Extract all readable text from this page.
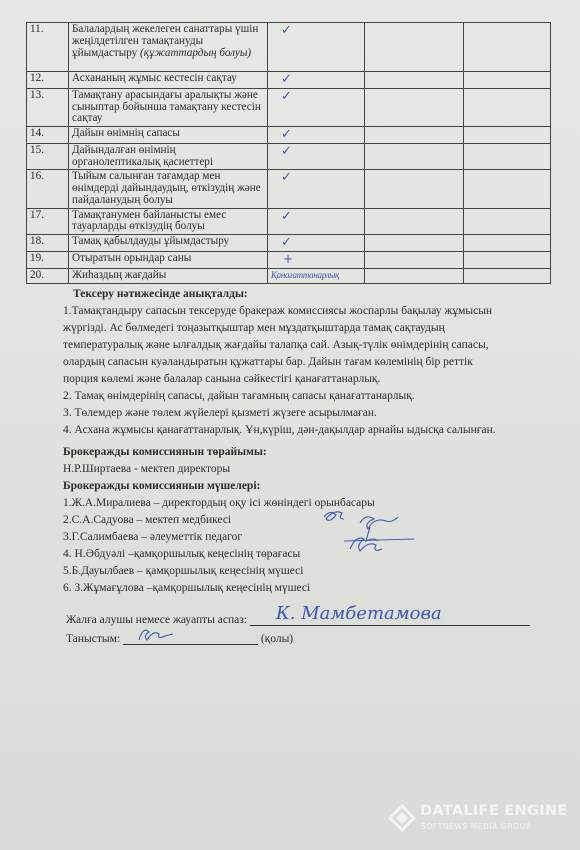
11.	Балалардың жекелеген санаттары үшін жеңілдетілген тамақтануды ұйымдастыру (құжаттардың болуы)	✓		
12.	Асхананың жұмыс кестесін сақтау	✓		
13.	Тамақтану арасындағы аралықты және сыныптар бойынша тамақтану кестесін сақтау	✓		
14.	Дайын өнімнің сапасы	✓		
15.	Дайындалған өнімнің органолептикалық қасиеттері	✓		
16.	Тыйым салынған тағамдар мен өнімдерді дайындаудың, өткізудің және пайдаланудың болуы	✓		
17.	Тамақтанумен байланысты емес тауарларды өткізудің болуы	✓		
18.	Тамақ қабылдауды ұйымдастыру	✓		
19.	Отыратын орындар саны	+		
20.	Жиһаздың жағдайы	Қанағаттанарлық		
Тексеру нәтижесінде анықталды:
1.Тамақтандыру сапасын тексеруде бракераж комиссиясы жоспарлы бақылау жұмысын
жүргізді. Ас бөлмедегі тоңазытқыштар мен мұздатқыштарда тамақ сақтаудың
температуралық және ылғалдық жағдайы талапқа сай. Азық-түлік өнімдерінің сапасы,
олардың сапасын куәландыратын құжаттары бар. Дайын тағам көлемінің бір реттік
порция көлемі және балалар санына сәйкестігі қанағаттанарлық.
2. Тамақ өнімдерінің сапасы, дайын тағамның сапасы қанағаттанарлық.
3. Төлемдер және төлем жүйелері қызметі жүзеге асырылмаған.
4. Асхана жұмысы қанағаттанарлық. Ұн,күріш, дән-дақылдар арнайы ыдысқа салынған.
Брокеражды комиссиянын төрайымы:
Н.Р.Ширтаева - мектеп директоры
Брокеражды комиссиянын мүшелері:
1.Ж.А.Миралиева – директордың оқу ісі жөніндегі орынбасары
2.С.А.Садуова – мектеп медбикесі
3.Г.Салимбаева – әлеуметтік педагог
4. Н.Әбдуәлі –қамқоршылық кеңесінің төрағасы
5.Б.Дауылбаев – қамқоршылық кеңесінің мүшесі
6. З.Жұмағұлова –қамқоршылық кеңесінің мүшесі
Жалға алушы немесе жауапты аспаз: К. Мамбетамова
Таныстым:	(қолы)
DATALIFE ENGINE
SOFTNEWS MEDIA GROUP
